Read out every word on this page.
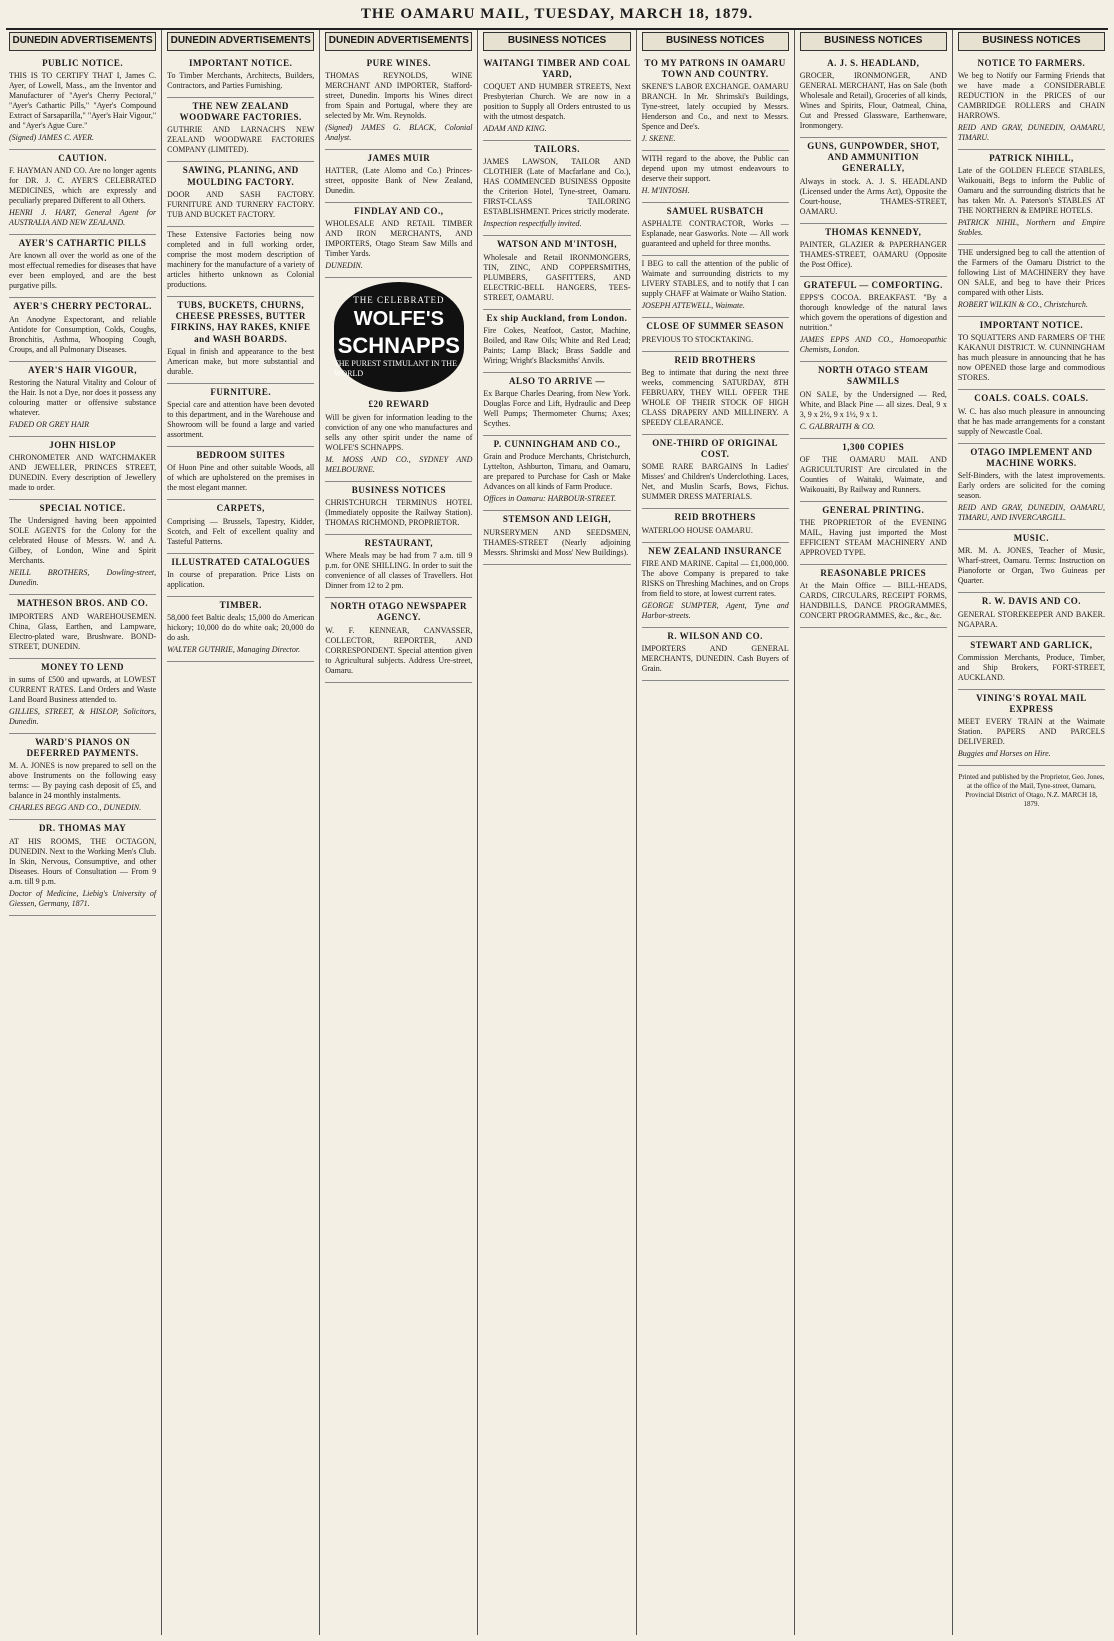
THE OAMARU MAIL, TUESDAY, MARCH 18, 1879.
DUNEDIN ADVERTISEMENTS
PUBLIC NOTICE.

THIS IS TO CERTIFY THAT I, James C. Ayer, of Lowell, Mass., am the Inventor and Manufacturer of "Ayer's Cherry Pectoral," "Ayer's Cathartic Pills," "Ayer's Compound Extract of Sarsaparilla," "Ayer's Hair Vigour," and "Ayer's Ague Cure."

(Signed) JAMES C. AYER.

CAUTION.

F. HAYMAN AND CO. Are no longer agents for DR. J. C. AYER'S CELEBRATED MEDICINES, which are expressly and peculiarly prepared Different to all Others.

HENRI J. HART, General Agent for AUSTRALIA AND NEW ZEALAND.

AYER'S CATHARTIC PILLS

Are known all over the world as one of the most effectual remedies for diseases that have ever been employed, and are the best purgative pills.

AYER'S CHERRY PECTORAL.

An Anodyne Expectorant, and reliable Antidote for Consumption, Colds, Coughs, Bronchitis, Asthma, Whooping Cough, Croups, and all Pulmonary Diseases.

AYER'S HAIR VIGOUR,

Restoring the Natural Vitality and Colour of the Hair. Is not a Dye, nor does it possess any colouring matter or offensive substance whatever.

FADED OR GREY HAIR

JOHN HISLOP

CHRONOMETER AND WATCHMAKER AND JEWELLER, PRINCES STREET, DUNEDIN. Every description of Jewellery made to order.

SPECIAL NOTICE.

The Undersigned having been appointed SOLE AGENTS for the Colony for the celebrated House of Messrs. W. and A. Gilbey, of London, Wine and Spirit Merchants.

NEILL BROTHERS, Dowling-street, Dunedin.

MATHESON BROS. AND CO.

IMPORTERS AND WAREHOUSEMEN. China, Glass, Earthen, and Lampware, Electro-plated ware, Brushware. BOND-STREET, DUNEDIN.

MONEY TO LEND

in sums of £500 and upwards, at LOWEST CURRENT RATES. Land Orders and Waste Land Board Business attended to.

GILLIES, STREET, & HISLOP, Solicitors, Dunedin.

WARD'S PIANOS ON DEFERRED PAYMENTS.

M. A. JONES is now prepared to sell on the above Instruments on the following easy terms: — By paying cash deposit of £5, and balance in 24 monthly instalments.

CHARLES BEGG AND CO., DUNEDIN.

DR. THOMAS MAY

AT HIS ROOMS, THE OCTAGON, DUNEDIN. Next to the Working Men's Club. In Skin, Nervous, Consumptive, and other Diseases. Hours of Consultation — From 9 a.m. till 9 p.m.

Doctor of Medicine, Liebig's University of Giessen, Germany, 1871.

DUNEDIN ADVERTISEMENTS
IMPORTANT NOTICE.

To Timber Merchants, Architects, Builders, Contractors, and Parties Furnishing.

THE NEW ZEALAND WOODWARE FACTORIES.

GUTHRIE AND LARNACH'S NEW ZEALAND WOODWARE FACTORIES COMPANY (LIMITED).

SAWING, PLANING, AND MOULDING FACTORY.

DOOR AND SASH FACTORY. FURNITURE AND TURNERY FACTORY. TUB AND BUCKET FACTORY.

These Extensive Factories being now completed and in full working order, comprise the most modern description of machinery for the manufacture of a variety of articles hitherto unknown as Colonial productions.

TUBS, BUCKETS, CHURNS, CHEESE PRESSES, BUTTER FIRKINS, HAY RAKES, KNIFE and WASH BOARDS.

Equal in finish and appearance to the best American make, but more substantial and durable.

FURNITURE.

Special care and attention have been devoted to this department, and in the Warehouse and Showroom will be found a large and varied assortment.

BEDROOM SUITES

Of Huon Pine and other suitable Woods, all of which are upholstered on the premises in the most elegant manner.

CARPETS,

Comprising — Brussels, Tapestry, Kidder, Scotch, and Felt of excellent quality and Tasteful Patterns.

ILLUSTRATED CATALOGUES

In course of preparation. Price Lists on application.

TIMBER.

58,000 feet Baltic deals; 15,000 do American hickory; 10,000 do do white oak; 20,000 do do ash.

WALTER GUTHRIE, Managing Director.

DUNEDIN ADVERTISEMENTS
PURE WINES.

THOMAS REYNOLDS, WINE MERCHANT AND IMPORTER, Stafford-street, Dunedin. Imports his Wines direct from Spain and Portugal, where they are selected by Mr. Wm. Reynolds.

(Signed) JAMES G. BLACK, Colonial Analyst.

JAMES MUIR

HATTER, (Late Alomo and Co.) Princes-street, opposite Bank of New Zealand, Dunedin.

FINDLAY AND CO.,

WHOLESALE AND RETAIL TIMBER AND IRON MERCHANTS, AND IMPORTERS, Otago Steam Saw Mills and Timber Yards.

DUNEDIN.

THE CELEBRATED
WOLFE'S
SCHNAPPS
THE PUREST STIMULANT IN THE WORLD
£20 REWARD

Will be given for information leading to the conviction of any one who manufactures and sells any other spirit under the name of WOLFE'S SCHNAPPS.

M. MOSS AND CO., SYDNEY AND MELBOURNE.

BUSINESS NOTICES

CHRISTCHURCH TERMINUS HOTEL (Immediately opposite the Railway Station). THOMAS RICHMOND, PROPRIETOR.

RESTAURANT,

Where Meals may be had from 7 a.m. till 9 p.m. for ONE SHILLING. In order to suit the convenience of all classes of Travellers. Hot Dinner from 12 to 2 pm.

NORTH OTAGO NEWSPAPER AGENCY.

W. F. KENNEAR, CANVASSER, COLLECTOR, REPORTER, AND CORRESPONDENT. Special attention given to Agricultural subjects. Address Ure-street, Oamaru.

BUSINESS NOTICES
WAITANGI TIMBER AND COAL YARD,

COQUET AND HUMBER STREETS, Next Presbyterian Church. We are now in a position to Supply all Orders entrusted to us with the utmost despatch.

ADAM AND KING.

TAILORS.

JAMES LAWSON, TAILOR AND CLOTHIER (Late of Macfarlane and Co.), HAS COMMENCED BUSINESS Opposite the Criterion Hotel, Tyne-street, Oamaru. FIRST-CLASS TAILORING ESTABLISHMENT. Prices strictly moderate.

Inspection respectfully invited.

WATSON AND M'INTOSH,

Wholesale and Retail IRONMONGERS, TIN, ZINC, AND COPPERSMITHS, PLUMBERS, GASFITTERS, AND ELECTRIC-BELL HANGERS, TEES-STREET, OAMARU.

Ex ship Auckland, from London.

Fire Cokes, Neatfoot, Castor, Machine, Boiled, and Raw Oils; White and Red Lead; Paints; Lamp Black; Brass Saddle and Wiring; Wright's Blacksmiths' Anvils.

ALSO TO ARRIVE —

Ex Barque Charles Dearing, from New York. Douglas Force and Lift, Hydraulic and Deep Well Pumps; Thermometer Churns; Axes; Scythes.

P. CUNNINGHAM AND CO.,

Grain and Produce Merchants, Christchurch, Lyttelton, Ashburton, Timaru, and Oamaru, are prepared to Purchase for Cash or Make Advances on all kinds of Farm Produce.

Offices in Oamaru: HARBOUR-STREET.

STEMSON AND LEIGH,

NURSERYMEN AND SEEDSMEN, THAMES-STREET (Nearly adjoining Messrs. Shrimski and Moss' New Buildings).

BUSINESS NOTICES
TO MY PATRONS IN OAMARU TOWN AND COUNTRY.

SKENE'S LABOR EXCHANGE. OAMARU BRANCH. In Mr. Shrimski's Buildings, Tyne-street, lately occupied by Messrs. Henderson and Co., and next to Messrs. Spence and Dee's.

J. SKENE.

WITH regard to the above, the Public can depend upon my utmost endeavours to deserve their support.

H. M'INTOSH.

SAMUEL RUSBATCH

ASPHALTE CONTRACTOR, Works — Esplanade, near Gasworks. Note — All work guaranteed and upheld for three months.

I BEG to call the attention of the public of Waimate and surrounding districts to my LIVERY STABLES, and to notify that I can supply CHAFF at Waimate or Waiho Station.

JOSEPH ATTEWELL, Waimate.

CLOSE OF SUMMER SEASON

PREVIOUS TO STOCKTAKING.

REID BROTHERS

Beg to intimate that during the next three weeks, commencing SATURDAY, 8TH FEBRUARY, THEY WILL OFFER THE WHOLE OF THEIR STOCK OF HIGH CLASS DRAPERY AND MILLINERY. A SPEEDY CLEARANCE.

ONE-THIRD OF ORIGINAL COST.

SOME RARE BARGAINS In Ladies' Misses' and Children's Underclothing. Laces, Net, and Muslin Scarfs, Bows, Fichus. SUMMER DRESS MATERIALS.

REID BROTHERS

WATERLOO HOUSE OAMARU.

NEW ZEALAND INSURANCE

FIRE AND MARINE. Capital — £1,000,000. The above Company is prepared to take RISKS on Threshing Machines, and on Crops from field to store, at lowest current rates.

GEORGE SUMPTER, Agent, Tyne and Harbor-streets.

R. WILSON AND CO.

IMPORTERS AND GENERAL MERCHANTS, DUNEDIN. Cash Buyers of Grain.

BUSINESS NOTICES
A. J. S. HEADLAND,

GROCER, IRONMONGER, AND GENERAL MERCHANT, Has on Sale (both Wholesale and Retail), Groceries of all kinds, Wines and Spirits, Flour, Oatmeal, China, Cut and Pressed Glassware, Earthenware, Ironmongery.

GUNS, GUNPOWDER, SHOT, AND AMMUNITION GENERALLY,

Always in stock. A. J. S. HEADLAND (Licensed under the Arms Act), Opposite the Court-house, THAMES-STREET, OAMARU.

THOMAS KENNEDY,

PAINTER, GLAZIER & PAPERHANGER THAMES-STREET, OAMARU (Opposite the Post Office).

GRATEFUL — COMFORTING.

EPPS'S COCOA. BREAKFAST. "By a thorough knowledge of the natural laws which govern the operations of digestion and nutrition."

JAMES EPPS AND CO., Homoeopathic Chemists, London.

NORTH OTAGO STEAM SAWMILLS

ON SALE, by the Undersigned — Red, White, and Black Pine — all sizes. Deal, 9 x 3, 9 x 2½, 9 x 1½, 9 x 1.

C. GALBRAITH & CO.

1,300 COPIES

OF THE OAMARU MAIL AND AGRICULTURIST Are circulated in the Counties of Waitaki, Waimate, and Waikouaiti, By Railway and Runners.

GENERAL PRINTING.

THE PROPRIETOR of the EVENING MAIL, Having just imported the Most EFFICIENT STEAM MACHINERY AND APPROVED TYPE.

REASONABLE PRICES

At the Main Office — BILL-HEADS, CARDS, CIRCULARS, RECEIPT FORMS, HANDBILLS, DANCE PROGRAMMES, CONCERT PROGRAMMES, &c., &c., &c.

BUSINESS NOTICES
NOTICE TO FARMERS.

We beg to Notify our Farming Friends that we have made a CONSIDERABLE REDUCTION in the PRICES of our CAMBRIDGE ROLLERS and CHAIN HARROWS.

REID AND GRAY, DUNEDIN, OAMARU, TIMARU.

PATRICK NIHILL,

Late of the GOLDEN FLEECE STABLES, Waikouaiti, Begs to inform the Public of Oamaru and the surrounding districts that he has taken Mr. A. Paterson's STABLES AT THE NORTHERN & EMPIRE HOTELS.

PATRICK NIHIL, Northern and Empire Stables.

THE undersigned beg to call the attention of the Farmers of the Oamaru District to the following List of MACHINERY they have ON SALE, and beg to have their Prices compared with other Lists.

ROBERT WILKIN & CO., Christchurch.

IMPORTANT NOTICE.

TO SQUATTERS AND FARMERS OF THE KAKANUI DISTRICT. W. CUNNINGHAM has much pleasure in announcing that he has now OPENED those large and commodious STORES.

COALS. COALS. COALS.

W. C. has also much pleasure in announcing that he has made arrangements for a constant supply of Newcastle Coal.

OTAGO IMPLEMENT AND MACHINE WORKS.

Self-Binders, with the latest improvements. Early orders are solicited for the coming season.

REID AND GRAY, DUNEDIN, OAMARU, TIMARU, AND INVERCARGILL.

MUSIC.

MR. M. A. JONES, Teacher of Music, Wharf-street, Oamaru. Terms: Instruction on Pianoforte or Organ, Two Guineas per Quarter.

R. W. DAVIS AND CO.

GENERAL STOREKEEPER AND BAKER. NGAPARA.

STEWART AND GARLICK,

Commission Merchants, Produce, Timber, and Ship Brokers, FORT-STREET, AUCKLAND.

VINING'S ROYAL MAIL EXPRESS

MEET EVERY TRAIN at the Waimate Station. PAPERS AND PARCELS DELIVERED.

Buggies and Horses on Hire.

Printed and published by the Proprietor, Geo. Jones, at the office of the Mail, Tyne-street, Oamaru, Provincial District of Otago, N.Z. MARCH 18, 1879.
